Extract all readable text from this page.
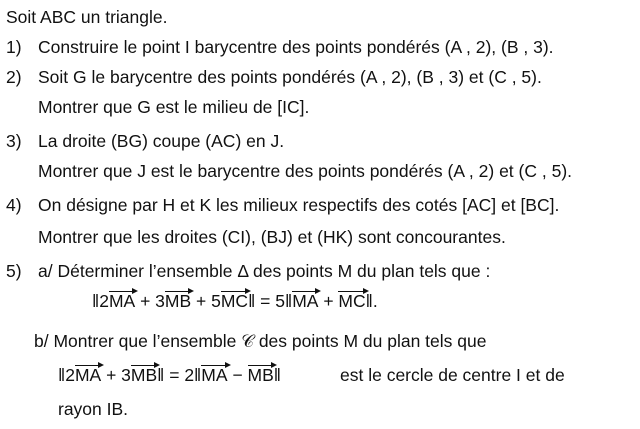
Soit ABC un triangle.
1) Construire le point I barycentre des points pondérés (A , 2), (B , 3).
2) Soit G le barycentre des points pondérés (A , 2), (B , 3) et (C , 5).
Montrer que G est le milieu de [IC].
3) La droite (BG) coupe (AC) en J.
Montrer que J est le barycentre des points pondérés (A , 2) et (C , 5).
4) On désigne par H et K les milieux respectifs des cotés [AC] et [BC].
Montrer que les droites (CI), (BJ) et (HK) sont concourantes.
5) a/ Déterminer l’ensemble Δ des points M du plan tels que :
‖2MA + 3MB + 5MC‖ = 5‖MA + MC‖.
b/ Montrer que l’ensemble 𝒞 des points M du plan tels que
‖2MA + 3MB‖ = 2‖MA − MB‖	est le cercle de centre I et de
rayon IB.
